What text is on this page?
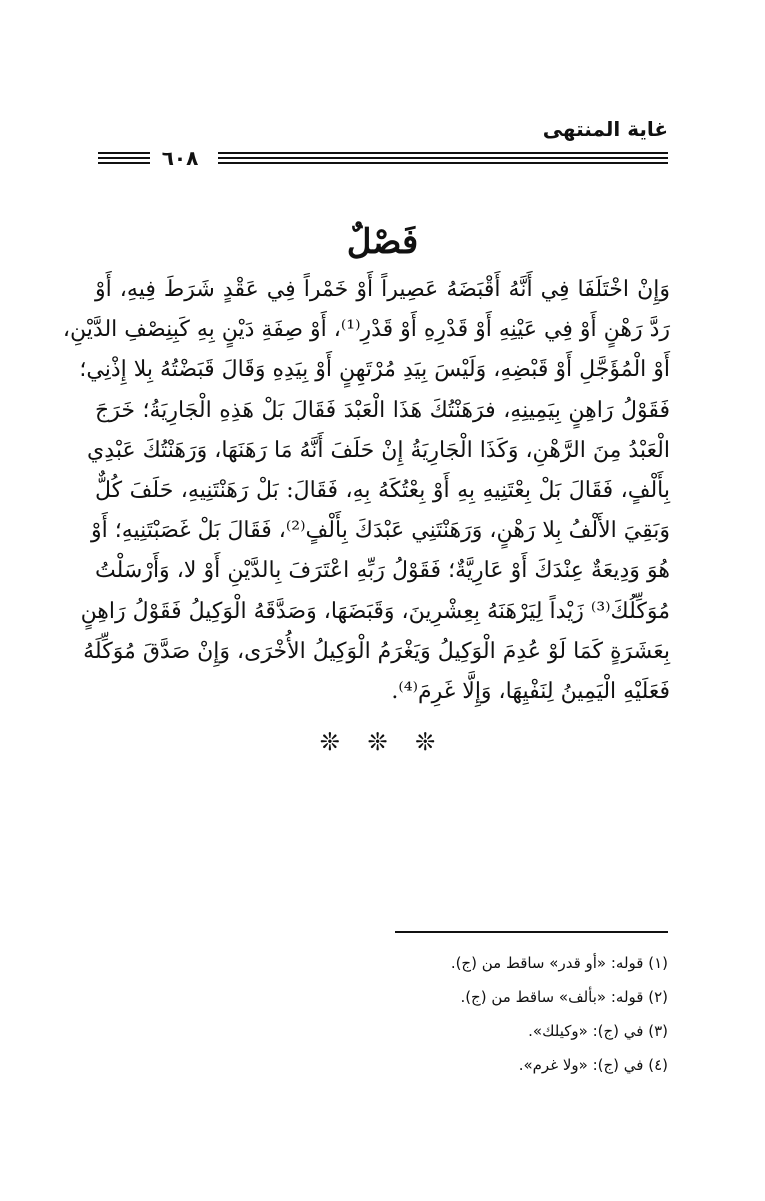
غاية المنتهى
٦٠٨
فَصْلٌ
وَإِنْ اخْتَلَفَا فِي أَنَّهُ أَقْبَضَهُ عَصِيراً أَوْ خَمْراً فِي عَقْدٍ شَرَطَ فِيهِ، أَوْ
رَدَّ رَهْنٍ أَوْ فِي عَيْنِهِ أَوْ قَدْرِهِ أَوْ قَدْرِ⁽¹⁾، أَوْ صِفَةِ دَيْنٍ بِهِ كَبِنِصْفِ الدَّيْنِ،
أَوْ الْمُؤَجَّلِ أَوْ قَبْضِهِ، وَلَيْسَ بِيَدِ مُرْتَهِنٍ أَوْ بِيَدِهِ وَقَالَ قَبَضْتُهُ بِلا إِذْنِي؛
فَقَوْلُ رَاهِنٍ بِيَمِينِهِ، فرَهَنْتُكَ هَذَا الْعَبْدَ فَقَالَ بَلْ هَذِهِ الْجَارِيَةُ؛ خَرَجَ
الْعَبْدُ مِنَ الرَّهْنِ، وَكَذَا الْجَارِيَةُ إِنْ حَلَفَ أَنَّهُ مَا رَهَنَهَا، وَرَهَنْتُكَ عَبْدِي
بِأَلْفٍ، فَقَالَ بَلْ بِعْتَنِيهِ بِهِ أَوْ بِعْتُكَهُ بِهِ، فَقَالَ: بَلْ رَهَنْتَنِيهِ، حَلَفَ كُلٌّ
وَبَقِيَ الأَلْفُ بِلا رَهْنٍ، وَرَهَنْتَنِي عَبْدَكَ بِأَلْفٍ⁽²⁾، فَقَالَ بَلْ غَصَبْتَنِيهِ؛ أَوْ
هُوَ وَدِيعَةٌ عِنْدَكَ أَوْ عَارِيَّةٌ؛ فَقَوْلُ رَبِّهِ اعْتَرَفَ بِالدَّيْنِ أَوْ لا، وَأَرْسَلْتُ
مُوَكِّلُكَ⁽³⁾ زَيْداً لِيَرْهَنَهُ بِعِشْرِينَ، وَقَبَضَهَا، وَصَدَّقَهُ الْوَكِيلُ فَقَوْلُ رَاهِنٍ
بِعَشَرَةٍ كَمَا لَوْ عُدِمَ الْوَكِيلُ وَيَغْرَمُ الْوَكِيلُ الأُخْرَى، وَإِنْ صَدَّقَ مُوَكِّلَهُ
فَعَلَيْهِ الْيَمِينُ لِنَفْيِهَا، وَإِلَّا غَرِمَ⁽⁴⁾.
❊ ❊ ❊
(١) قوله: «أو قدر» ساقط من (ج).
(٢) قوله: «بألف» ساقط من (ج).
(٣) في (ج): «وكيلك».
(٤) في (ج): «ولا غرم».
